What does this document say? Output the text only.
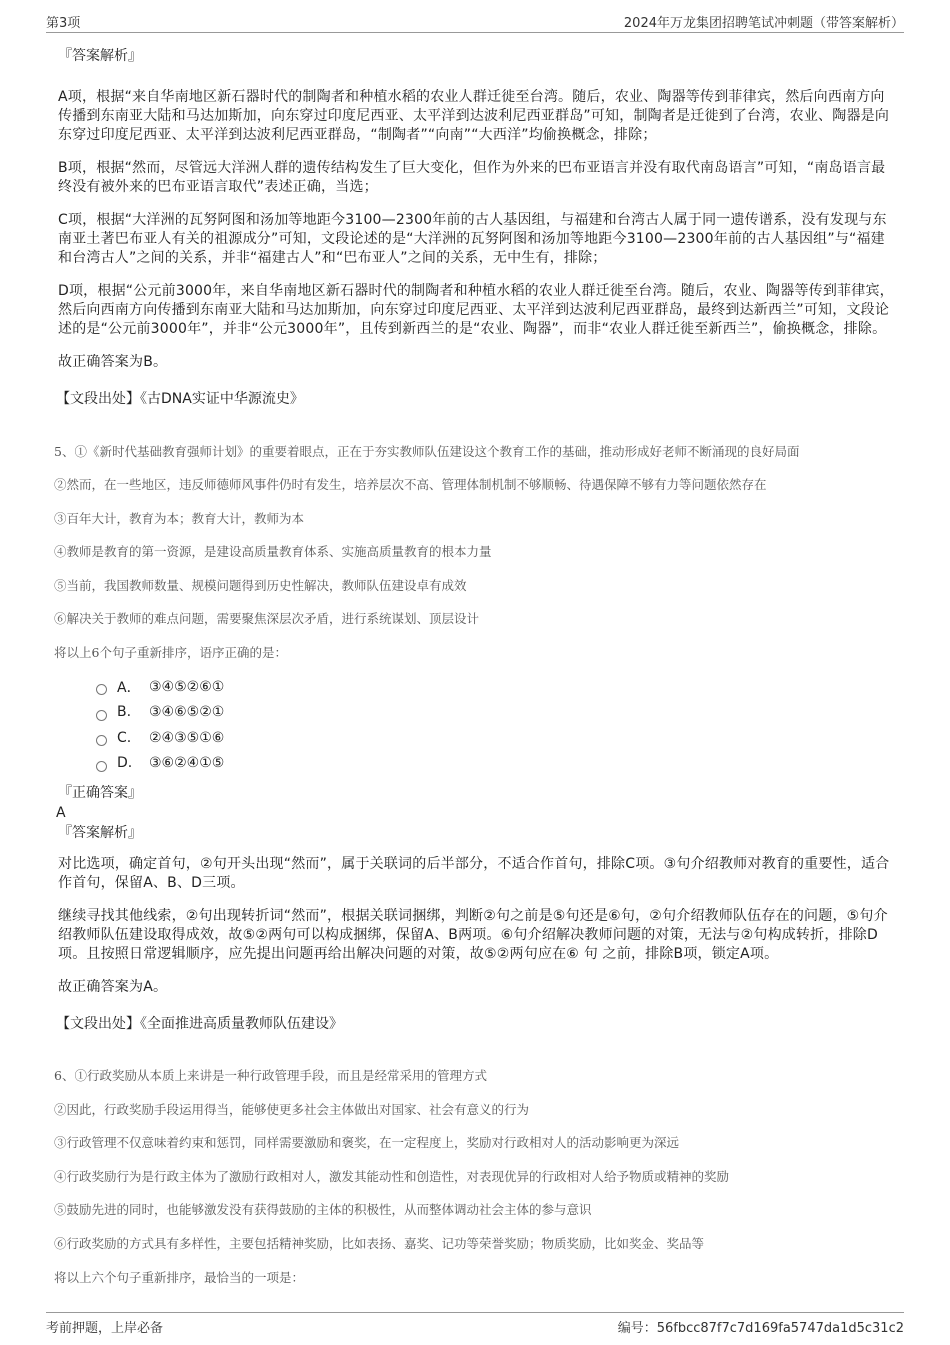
第3项	2024年万龙集团招聘笔试冲刺题（带答案解析）

『答案解析』

A项，根据“来自华南地区新石器时代的制陶者和种植水稻的农业人群迁徙至台湾。随后，农业、陶器等传到菲律宾，然后向西南方向传播到东南亚大陆和马达加斯加，向东穿过印度尼西亚、太平洋到达波利尼西亚群岛”可知，制陶者是迁徙到了台湾，农业、陶器是向东穿过印度尼西亚、太平洋到达波利尼西亚群岛，“制陶者”“向南”“大西洋”均偷换概念，排除；

B项，根据“然而，尽管远大洋洲人群的遗传结构发生了巨大变化，但作为外来的巴布亚语言并没有取代南岛语言”可知，“南岛语言最终没有被外来的巴布亚语言取代”表述正确，当选；

C项，根据“大洋洲的瓦努阿图和汤加等地距今3100—2300年前的古人基因组，与福建和台湾古人属于同一遗传谱系，没有发现与东南亚土著巴布亚人有关的祖源成分”可知，文段论述的是“大洋洲的瓦努阿图和汤加等地距今3100—2300年前的古人基因组”与“福建和台湾古人”之间的关系，并非“福建古人”和“巴布亚人”之间的关系，无中生有，排除；

D项，根据“公元前3000年，来自华南地区新石器时代的制陶者和种植水稻的农业人群迁徙至台湾。随后，农业、陶器等传到菲律宾，然后向西南方向传播到东南亚大陆和马达加斯加，向东穿过印度尼西亚、太平洋到达波利尼西亚群岛，最终到达新西兰”可知，文段论述的是“公元前3000年”，并非“公元3000年”，且传到新西兰的是“农业、陶器”，而非“农业人群迁徙至新西兰”，偷换概念，排除。

故正确答案为B。

【文段出处】《古DNA实证中华源流史》

5、①《新时代基础教育强师计划》的重要着眼点，正在于夯实教师队伍建设这个教育工作的基础，推动形成好老师不断涌现的良好局面

②然而，在一些地区，违反师德师风事件仍时有发生，培养层次不高、管理体制机制不够顺畅、待遇保障不够有力等问题依然存在

③百年大计，教育为本；教育大计，教师为本

④教师是教育的第一资源，是建设高质量教育体系、实施高质量教育的根本力量

⑤当前，我国教师数量、规模问题得到历史性解决，教师队伍建设卓有成效

⑥解决关于教师的难点问题，需要聚焦深层次矛盾，进行系统谋划、顶层设计

将以上6个句子重新排序，语序正确的是：

A． ③④⑤②⑥①
B.	③④⑥⑤②①
C.	②④③⑤①⑥
D.	③⑥②④①⑤

『正确答案』

A

『答案解析』

对比选项，确定首句，②句开头出现“然而”，属于关联词的后半部分，不适合作首句，排除C项。③句介绍教师对教育的重要性，适合作首句，保留A、B、D三项。

继续寻找其他线索，②句出现转折词“然而”，根据关联词捆绑，判断②句之前是⑤句还是⑥句，②句介绍教师队伍存在的问题，⑤句介绍教师队伍建设取得成效，故⑤②两句可以构成捆绑，保留A、B两项。⑥句介绍解决教师问题的对策，无法与②句构成转折，排除D项。且按照日常逻辑顺序，应先提出问题再给出解决问题的对策，故⑤②两句应在⑥ 句 之前，排除B项，锁定A项。

故正确答案为A。

【文段出处】《全面推进高质量教师队伍建设》

6、①行政奖励从本质上来讲是一种行政管理手段，而且是经常采用的管理方式

②因此，行政奖励手段运用得当，能够使更多社会主体做出对国家、社会有意义的行为

③行政管理不仅意味着约束和惩罚，同样需要激励和褒奖，在一定程度上，奖励对行政相对人的活动影响更为深远

④行政奖励行为是行政主体为了激励行政相对人，激发其能动性和创造性，对表现优异的行政相对人给予物质或精神的奖励

⑤鼓励先进的同时，也能够激发没有获得鼓励的主体的积极性，从而整体调动社会主体的参与意识

⑥行政奖励的方式具有多样性，主要包括精神奖励，比如表扬、嘉奖、记功等荣誉奖励；物质奖励，比如奖金、奖品等

将以上六个句子重新排序，最恰当的一项是：

考前押题，上岸必备	编号：56fbcc87f7c7d169fa5747da1d5c31c2
